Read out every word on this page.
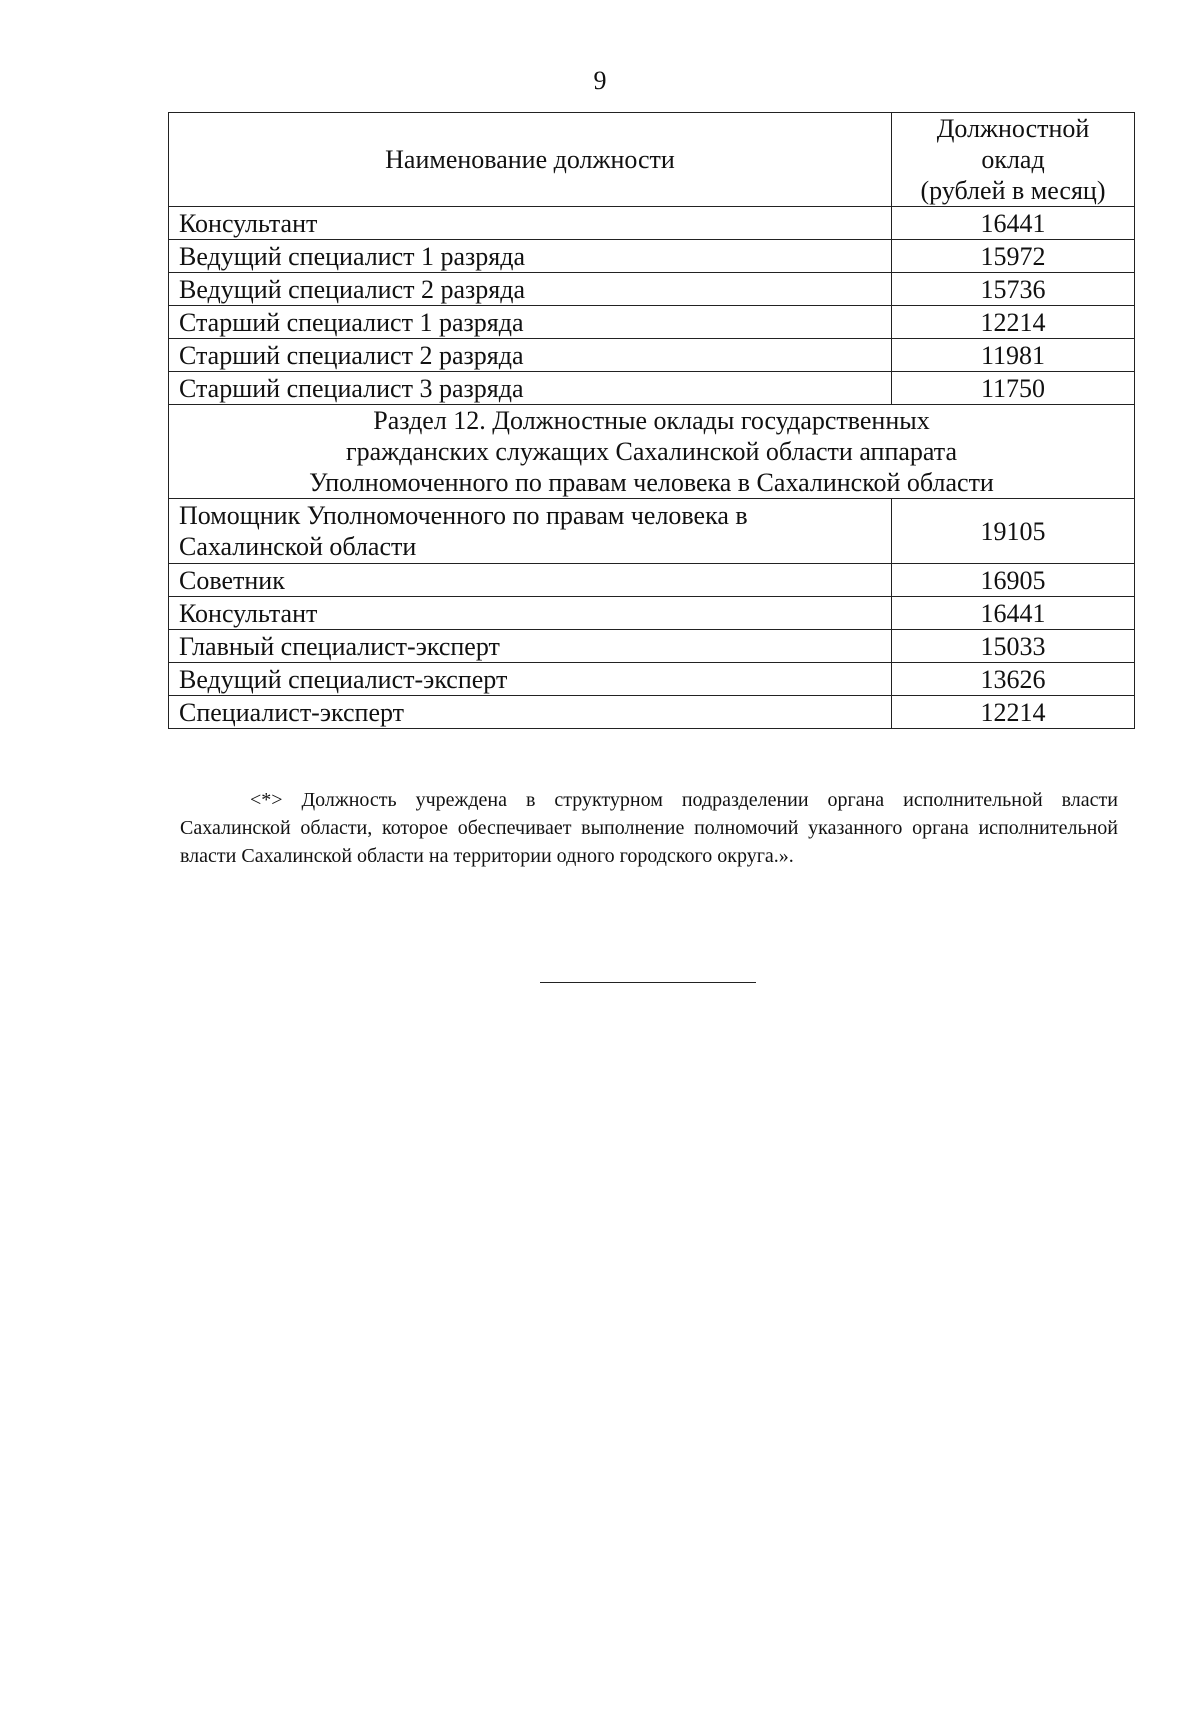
9
Наименование должности	Должностной оклад
(рублей в месяц)
Консультант	16441
Ведущий специалист 1 разряда	15972
Ведущий специалист 2 разряда	15736
Старший специалист 1 разряда	12214
Старший специалист 2 разряда	11981
Старший специалист 3 разряда	11750
Раздел 12. Должностные оклады государственных
гражданских служащих Сахалинской области аппарата
Уполномоченного по правам человека в Сахалинской области	
Помощник Уполномоченного по правам человека в
Сахалинской области	19105
Советник	16905
Консультант	16441
Главный специалист-эксперт	15033
Ведущий специалист-эксперт	13626
Специалист-эксперт	12214

<*> Должность учреждена в структурном подразделении органа исполнительной власти Сахалинской области, которое обеспечивает выполнение полномочий указанного органа исполнительной власти Сахалинской области на территории одного городского округа.».
